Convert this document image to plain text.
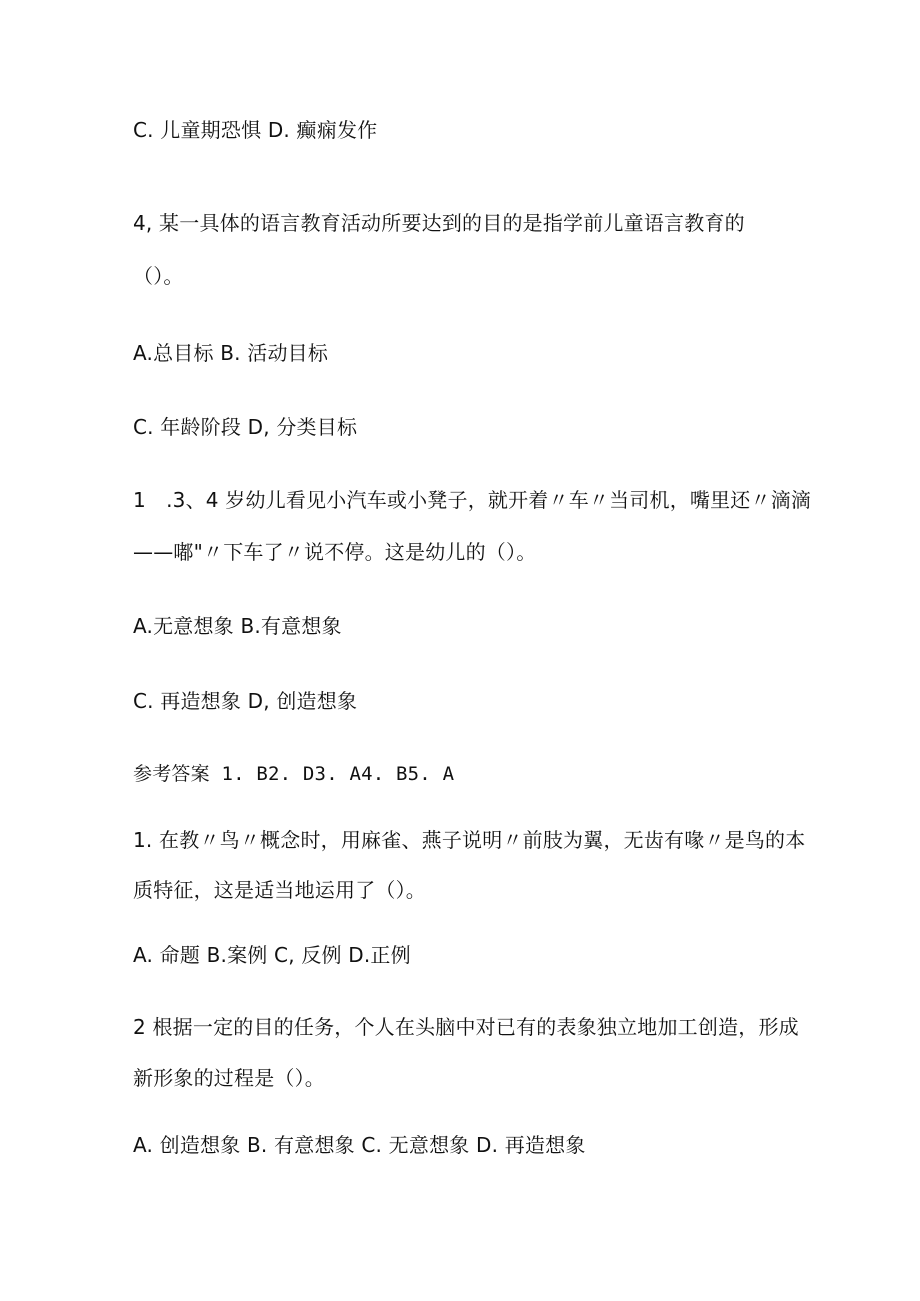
C. 儿童期恐惧 D. 癫痫发作
4, 某一具体的语言教育活动所要达到的目的是指学前儿童语言教育的
（）。
A.总目标 B. 活动目标
C. 年龄阶段 D, 分类目标
1　.3、4 岁幼儿看见小汽车或小凳子，就开着〃车〃当司机，嘴里还〃滴滴
——嘟"〃下车了〃说不停。这是幼儿的（）。
A.无意想象 B.有意想象
C. 再造想象 D, 创造想象
参考答案 1. B2. D3. A4. B5. A
1. 在教〃鸟〃概念时，用麻雀、燕子说明〃前肢为翼，无齿有喙〃是鸟的本
质特征，这是适当地运用了（）。
A. 命题 B.案例 C, 反例 D.正例
2 根据一定的目的任务，个人在头脑中对已有的表象独立地加工创造，形成
新形象的过程是（）。
A. 创造想象 B. 有意想象 C. 无意想象 D. 再造想象
